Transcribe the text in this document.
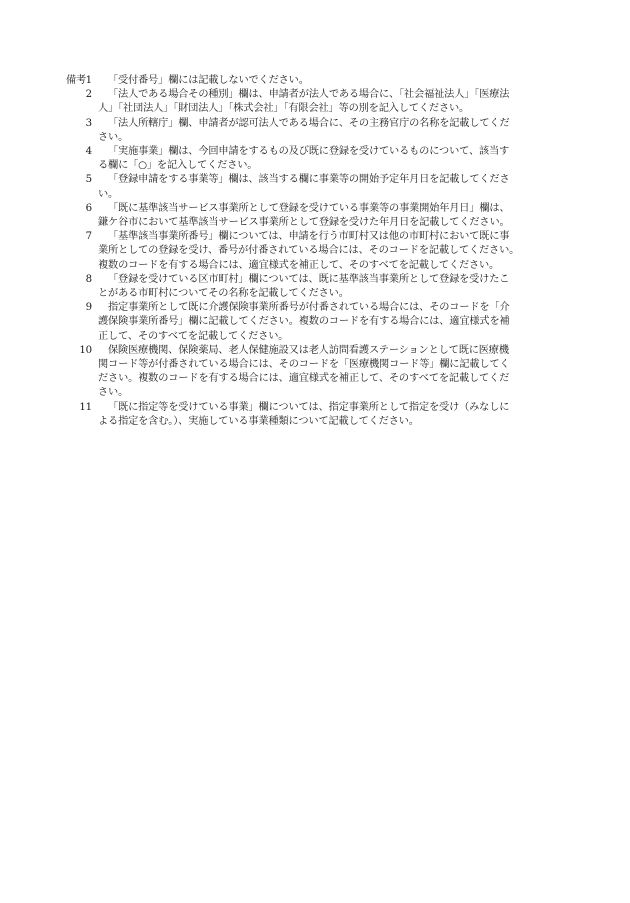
備考 1	「受付番号」欄には記載しないでください。
2	「法人である場合その種別」欄は、申請者が法人である場合に、「社会福祉法人」「医療法
人」「社団法人」「財団法人」「株式会社」「有限会社」等の別を記入してください。
3	「法人所轄庁」欄、申請者が認可法人である場合に、その主務官庁の名称を記載してくだ
さい。
4	「実施事業」欄は、今回申請をするもの及び既に登録を受けているものについて、該当す
る欄に「○」を記入してください。
5	「登録申請をする事業等」欄は、該当する欄に事業等の開始予定年月日を記載してくださ
い。
6	「既に基準該当サービス事業所として登録を受けている事業等の事業開始年月日」欄は、
鎌ケ谷市において基準該当サービス事業所として登録を受けた年月日を記載してください。
7	「基準該当事業所番号」欄については、申請を行う市町村又は他の市町村において既に事
業所としての登録を受け、番号が付番されている場合には、そのコードを記載してください。
複数のコードを有する場合には、適宜様式を補正して、そのすべてを記載してください。
8	「登録を受けている区市町村」欄については、既に基準該当事業所として登録を受けたこ
とがある市町村についてその名称を記載してください。
9	指定事業所として既に介護保険事業所番号が付番されている場合には、そのコードを「介
護保険事業所番号」欄に記載してください。複数のコードを有する場合には、適宜様式を補
正して、そのすべてを記載してください。
10	保険医療機関、保険薬局、老人保健施設又は老人訪問看護ステーションとして既に医療機
関コード等が付番されている場合には、そのコードを「医療機関コード等」欄に記載してく
ださい。複数のコードを有する場合には、適宜様式を補正して、そのすべてを記載してくだ
さい。
11	「既に指定等を受けている事業」欄については、指定事業所として指定を受け（みなしに
よる指定を含む。）、実施している事業種類について記載してください。
